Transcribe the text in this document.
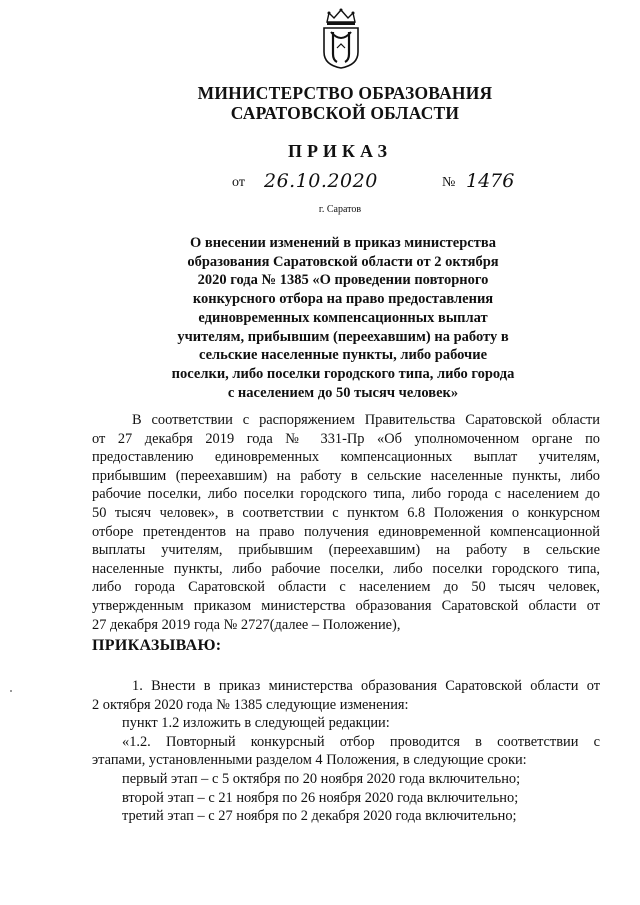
МИНИСТЕРСТВО ОБРАЗОВАНИЯ
САРАТОВСКОЙ ОБЛАСТИ
ПРИКАЗ
от 26.10.2020	№ 1476
г. Саратов
О внесении изменений в приказ министерства
образования Саратовской области от 2 октября
2020 года № 1385 «О проведении повторного
конкурсного отбора на право предоставления
единовременных компенсационных выплат
учителям, прибывшим (переехавшим) на работу в
сельские населенные пункты, либо рабочие
поселки, либо поселки городского типа, либо города
с населением до 50 тысяч человек»
В соответствии с распоряжением Правительства Саратовской области
от 27 декабря 2019 года № 331-Пр «Об уполномоченном органе по
предоставлению единовременных компенсационных выплат учителям,
прибывшим (переехавшим) на работу в сельские населенные пункты, либо
рабочие поселки, либо поселки городского типа, либо города с населением до
50 тысяч человек», в соответствии с пунктом 6.8 Положения о конкурсном
отборе претендентов на право получения единовременной компенсационной
выплаты учителям, прибывшим (переехавшим) на работу в сельские
населенные пункты, либо рабочие поселки, либо поселки городского типа,
либо города Саратовской области с населением до 50 тысяч человек,
утвержденным приказом министерства образования Саратовской области от
27 декабря 2019 года № 2727(далее – Положение),
ПРИКАЗЫВАЮ:
1. Внести в приказ министерства образования Саратовской области от
2 октября 2020 года № 1385 следующие изменения:
пункт 1.2 изложить в следующей редакции:
«1.2. Повторный конкурсный отбор проводится в соответствии с
этапами, установленными разделом 4 Положения, в следующие сроки:
первый этап – с 5 октября по 20 ноября 2020 года включительно;
второй этап – с 21 ноября по 26 ноября 2020 года включительно;
третий этап – с 27 ноября по 2 декабря 2020 года включительно;
